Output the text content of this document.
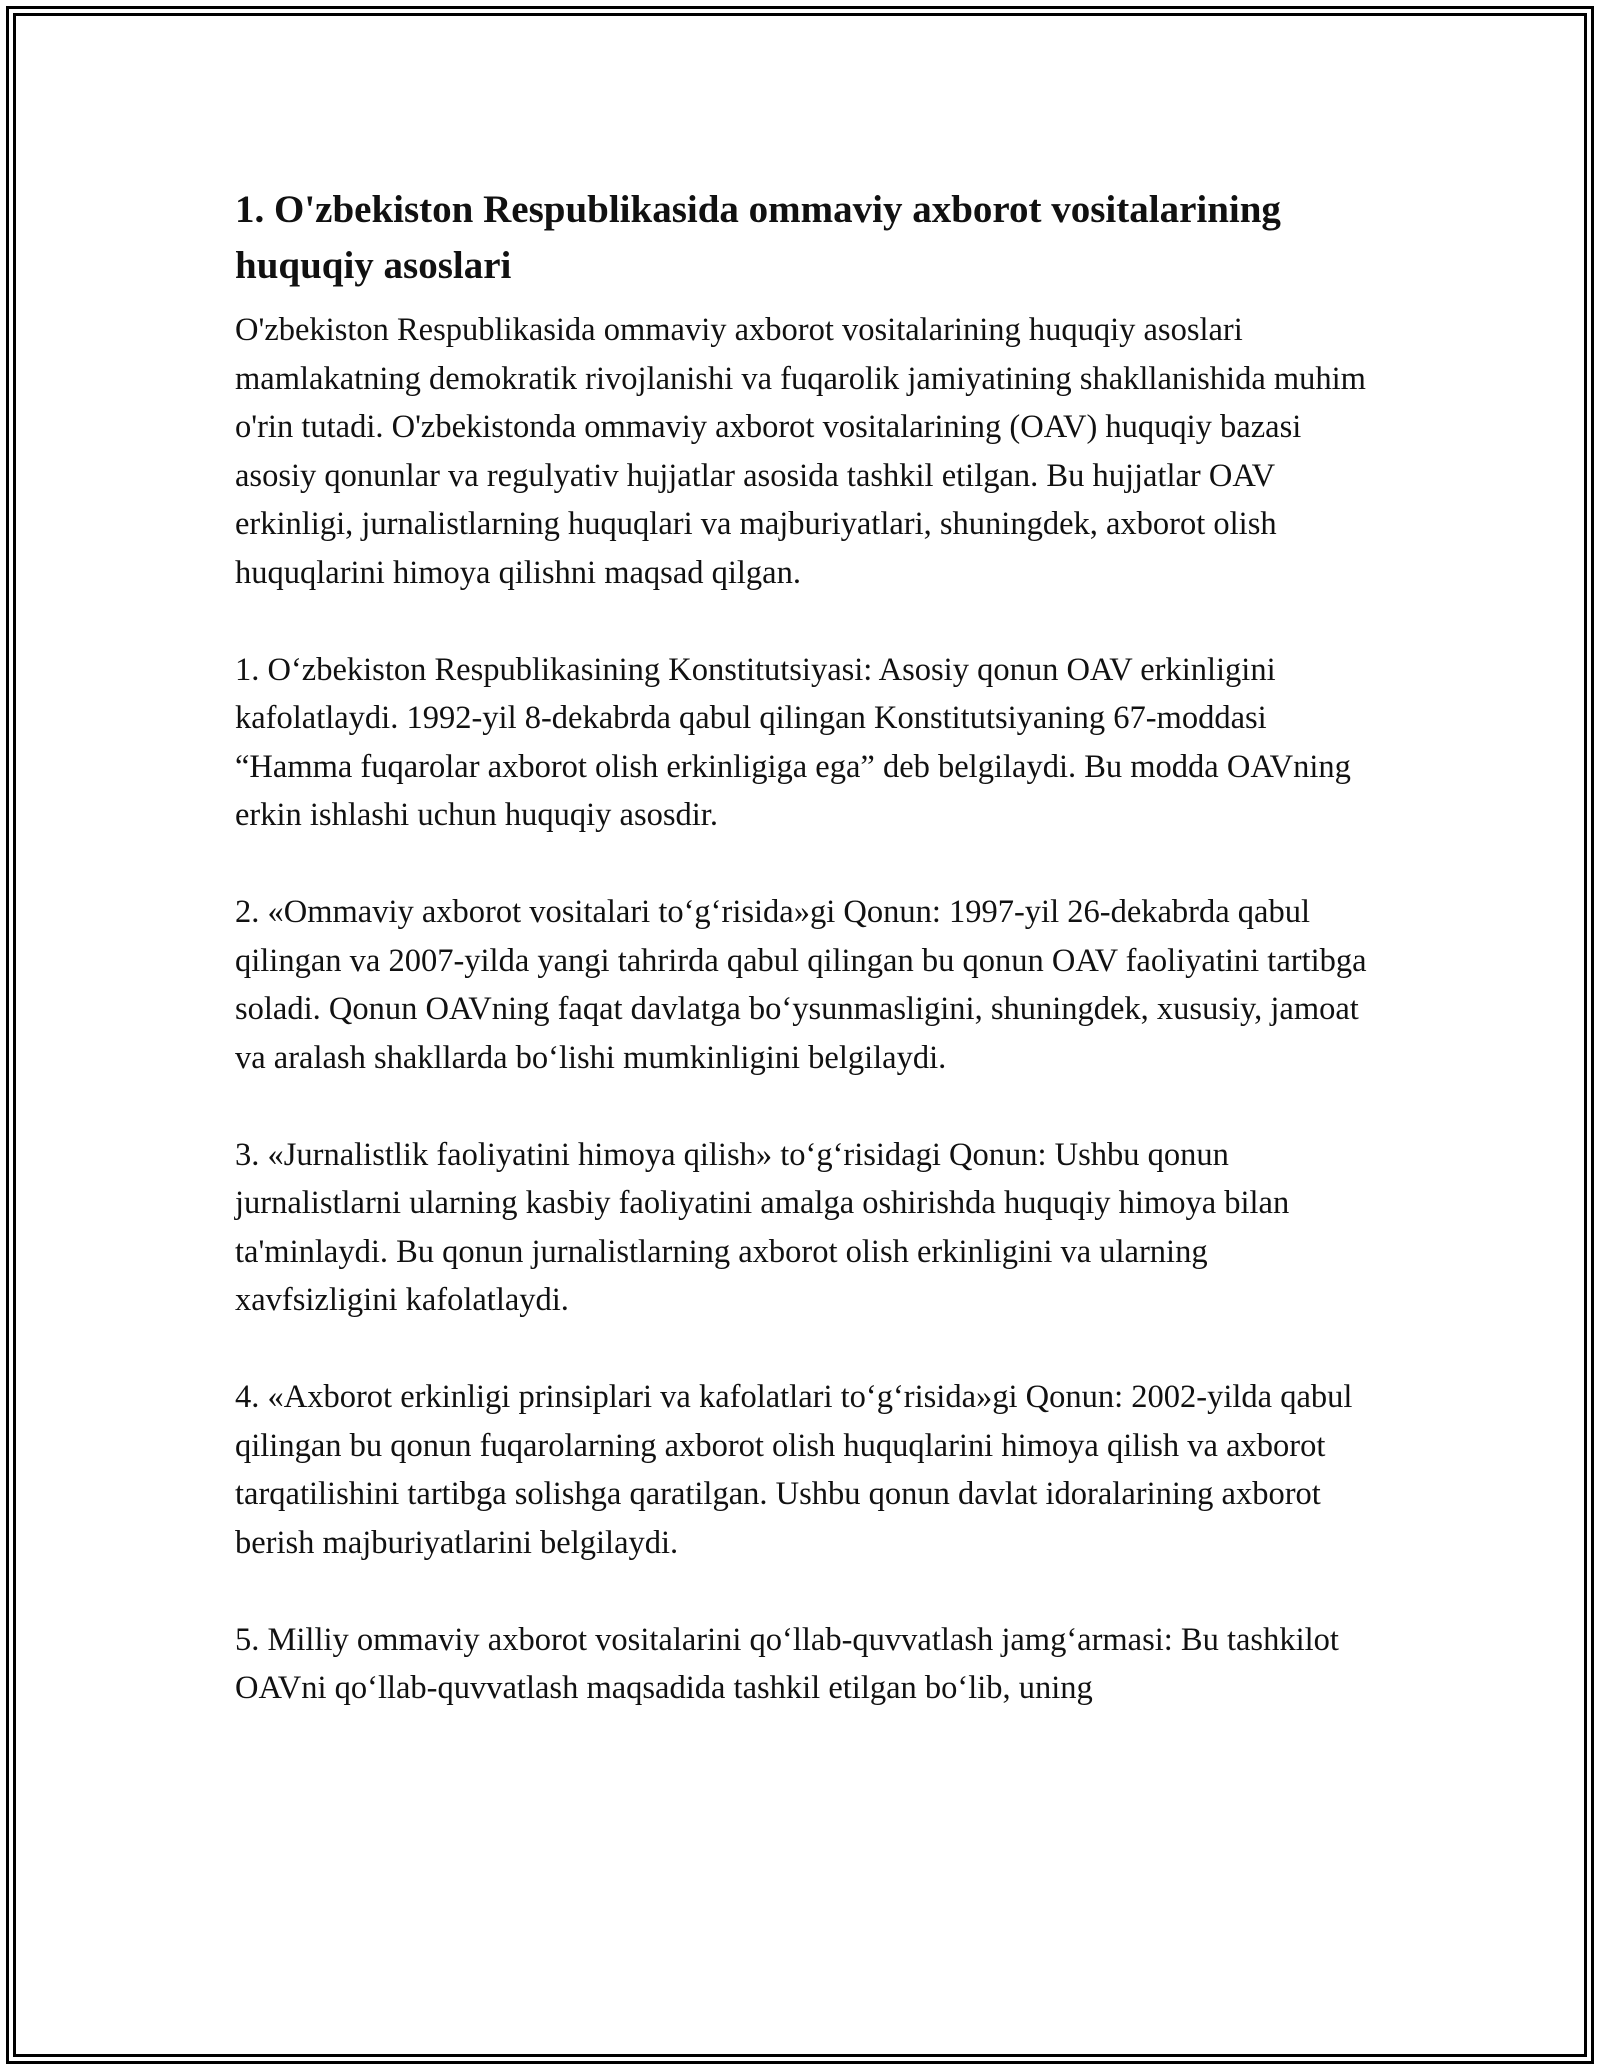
1. O'zbekiston Respublikasida ommaviy axborot vositalarining huquqiy asoslari
O'zbekiston Respublikasida ommaviy axborot vositalarining huquqiy asoslari mamlakatning demokratik rivojlanishi va fuqarolik jamiyatining shakllanishida muhim o'rin tutadi. O'zbekistonda ommaviy axborot vositalarining (OAV) huquqiy bazasi asosiy qonunlar va regulyativ hujjatlar asosida tashkil etilgan. Bu hujjatlar OAV erkinligi, jurnalistlarning huquqlari va majburiyatlari, shuningdek, axborot olish huquqlarini himoya qilishni maqsad qilgan.
1. O‘zbekiston Respublikasining Konstitutsiyasi: Asosiy qonun OAV erkinligini kafolatlaydi. 1992-yil 8-dekabrda qabul qilingan Konstitutsiyaning 67-moddasi “Hamma fuqarolar axborot olish erkinligiga ega” deb belgilaydi. Bu modda OAVning erkin ishlashi uchun huquqiy asosdir.
2. «Ommaviy axborot vositalari to‘g‘risida»gi Qonun: 1997-yil 26-dekabrda qabul qilingan va 2007-yilda yangi tahrirda qabul qilingan bu qonun OAV faoliyatini tartibga soladi. Qonun OAVning faqat davlatga bo‘ysunmasligini, shuningdek, xususiy, jamoat va aralash shakllarda bo‘lishi mumkinligini belgilaydi.
3. «Jurnalistlik faoliyatini himoya qilish» to‘g‘risidagi Qonun: Ushbu qonun jurnalistlarni ularning kasbiy faoliyatini amalga oshirishda huquqiy himoya bilan ta'minlaydi. Bu qonun jurnalistlarning axborot olish erkinligini va ularning xavfsizligini kafolatlaydi.
4. «Axborot erkinligi prinsiplari va kafolatlari to‘g‘risida»gi Qonun: 2002-yilda qabul qilingan bu qonun fuqarolarning axborot olish huquqlarini himoya qilish va axborot tarqatilishini tartibga solishga qaratilgan. Ushbu qonun davlat idoralarining axborot berish majburiyatlarini belgilaydi.
5. Milliy ommaviy axborot vositalarini qo‘llab-quvvatlash jamg‘armasi: Bu tashkilot OAVni qo‘llab-quvvatlash maqsadida tashkil etilgan bo‘lib, uning
